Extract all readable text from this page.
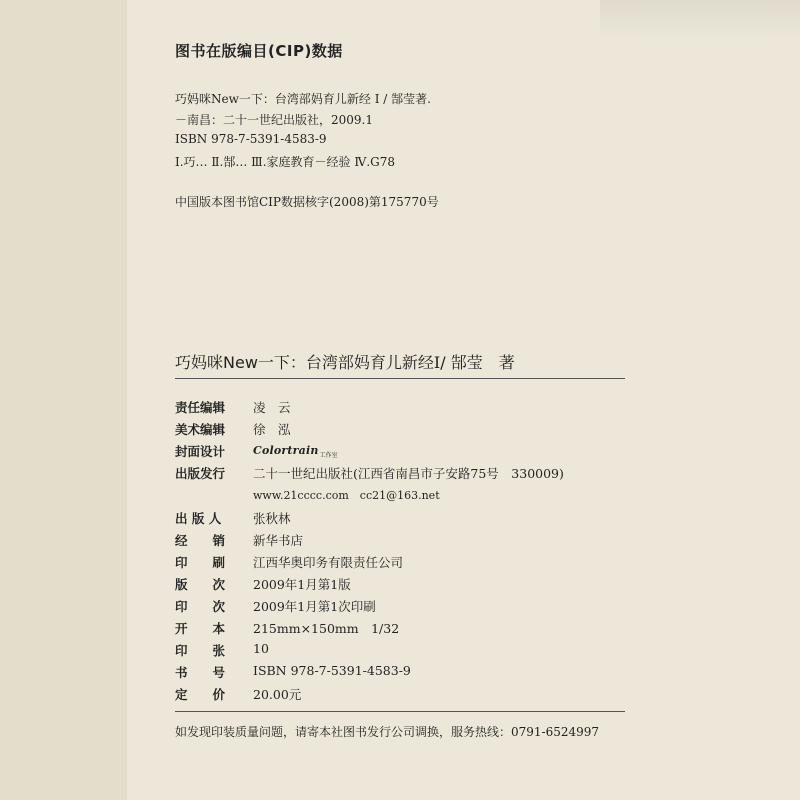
图书在版编目(CIP)数据
巧妈咪New一下：台湾部妈育儿新经 I / 郜莹著.
－南昌：二十一世纪出版社，2009.1
ISBN 978-7-5391-4583-9
Ⅰ.巧… Ⅱ.郜… Ⅲ.家庭教育－经验 Ⅳ.G78
中国版本图书馆CIP数据核字(2008)第175770号
巧妈咪New一下：台湾部妈育儿新经Ⅰ/ 郜莹　著
责任编辑	凌　云
美术编辑	徐　泓
封面设计	Colortrain$_{工作室}$
出版发行	二十一世纪出版社(江西省南昌市子安路75号　330009)
www.21cccc.com　cc21@163.net
出 版 人	张秋林
经　　销	新华书店
印　　刷	江西华奥印务有限责任公司
版　　次	2009年1月第1版
印　　次	2009年1月第1次印刷
开　　本	215mm×150mm　1/32
印　　张	10
书　　号	ISBN 978-7-5391-4583-9
定　　价	20.00元
如发现印装质量问题，请寄本社图书发行公司调换，服务热线：0791-6524997
